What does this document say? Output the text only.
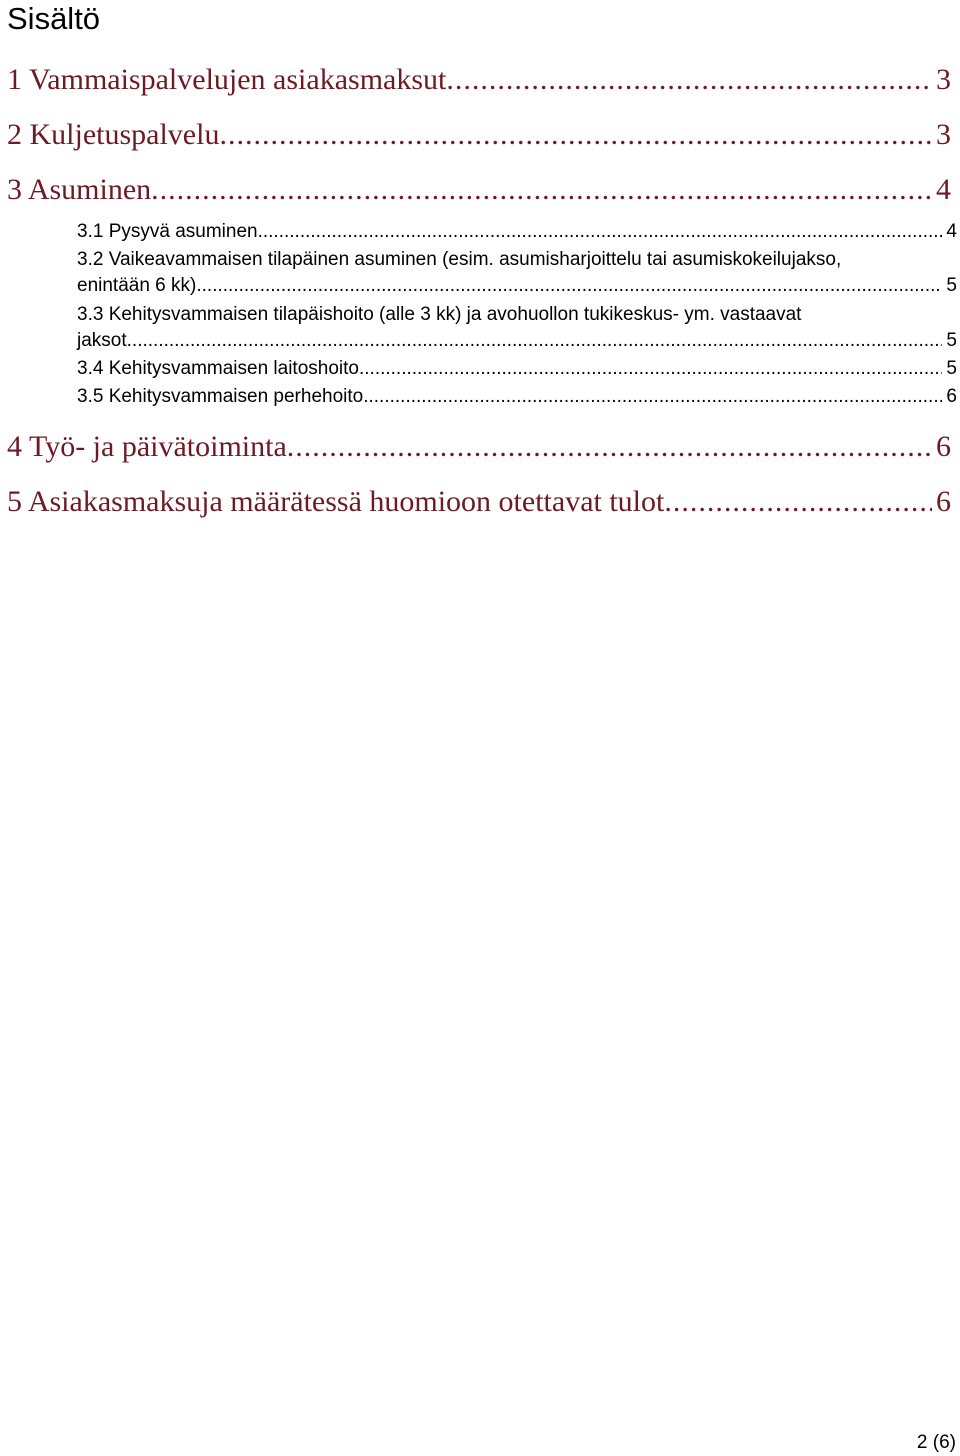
Sisältö
1 Vammaispalvelujen asiakasmaksut .....	3
2 Kuljetuspalvelu .....	3
3 Asuminen .....	4
3.1 Pysyvä asuminen .....	4
3.2 Vaikeavammaisen tilapäinen asuminen (esim. asumisharjoittelu tai asumiskokeilujakso,
enintään 6 kk) .....	5
3.3 Kehitysvammaisen tilapäishoito (alle 3 kk) ja avohuollon tukikeskus- ym. vastaavat
jaksot .....	5
3.4 Kehitysvammaisen laitoshoito .....	5
3.5 Kehitysvammaisen perhehoito .....	6
4 Työ- ja päivätoiminta .....	6
5 Asiakasmaksuja määrätessä huomioon otettavat tulot .....	6
2 (6)
